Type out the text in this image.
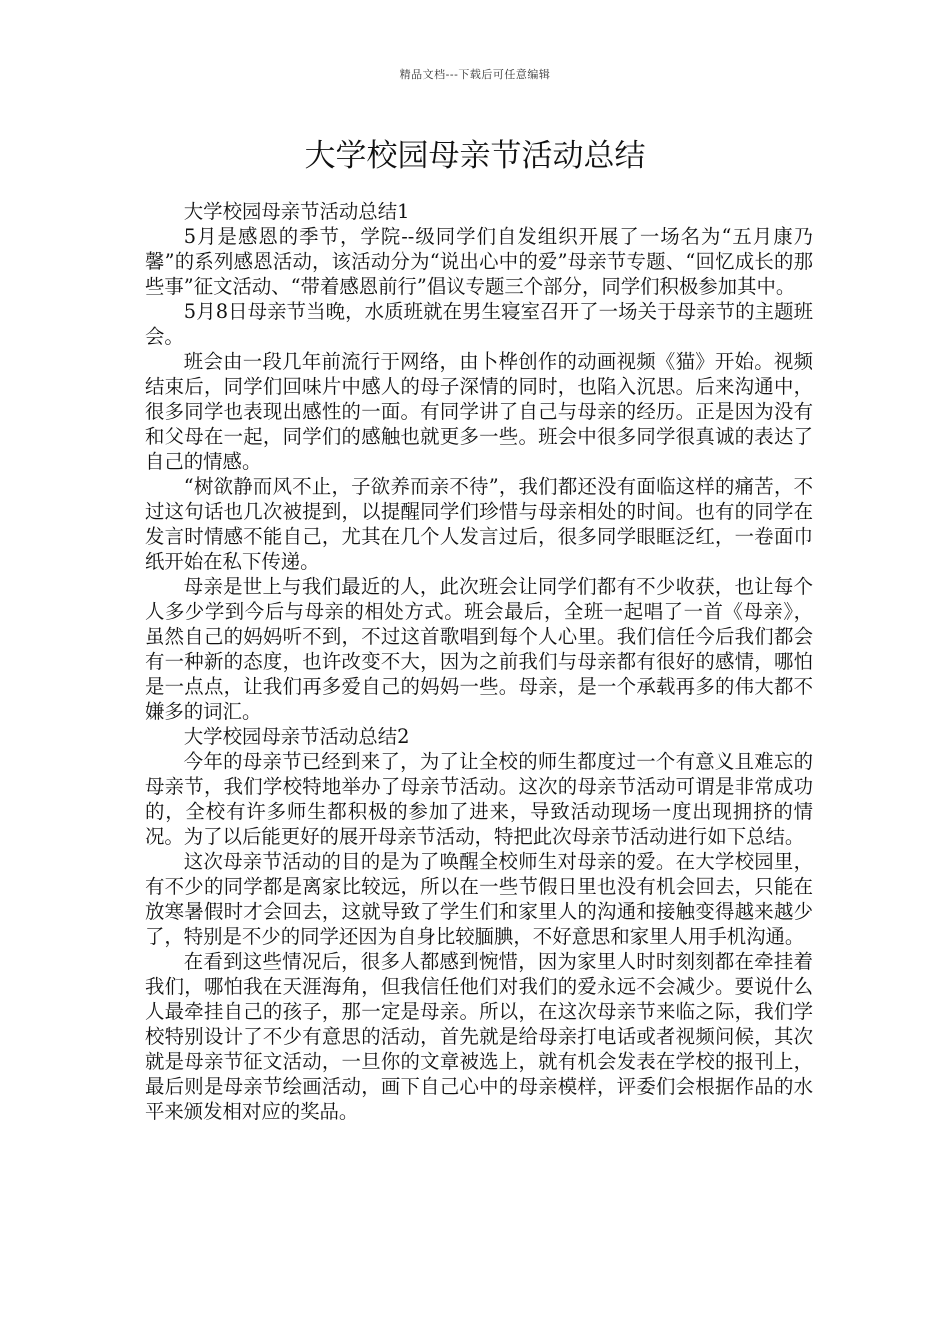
精品文档---下载后可任意编辑
大学校园母亲节活动总结

大学校园母亲节活动总结1

5月是感恩的季节，学院--级同学们自发组织开展了一场名为“五月康乃馨”的系列感恩活动，该活动分为“说出心中的爱”母亲节专题、“回忆成长的那些事”征文活动、“带着感恩前行”倡议专题三个部分，同学们积极参加其中。

5月8日母亲节当晚，水质班就在男生寝室召开了一场关于母亲节的主题班会。

班会由一段几年前流行于网络，由卜桦创作的动画视频《猫》开始。视频结束后，同学们回味片中感人的母子深情的同时，也陷入沉思。后来沟通中，很多同学也表现出感性的一面。有同学讲了自己与母亲的经历。正是因为没有和父母在一起，同学们的感触也就更多一些。班会中很多同学很真诚的表达了自己的情感。

“树欲静而风不止，子欲养而亲不待”，我们都还没有面临这样的痛苦，不过这句话也几次被提到，以提醒同学们珍惜与母亲相处的时间。也有的同学在发言时情感不能自己，尤其在几个人发言过后，很多同学眼眶泛红，一卷面巾纸开始在私下传递。

母亲是世上与我们最近的人，此次班会让同学们都有不少收获，也让每个人多少学到今后与母亲的相处方式。班会最后，全班一起唱了一首《母亲》，虽然自己的妈妈听不到，不过这首歌唱到每个人心里。我们信任今后我们都会有一种新的态度，也许改变不大，因为之前我们与母亲都有很好的感情，哪怕是一点点，让我们再多爱自己的妈妈一些。母亲，是一个承载再多的伟大都不嫌多的词汇。

大学校园母亲节活动总结2

今年的母亲节已经到来了，为了让全校的师生都度过一个有意义且难忘的母亲节，我们学校特地举办了母亲节活动。这次的母亲节活动可谓是非常成功的，全校有许多师生都积极的参加了进来，导致活动现场一度出现拥挤的情况。为了以后能更好的展开母亲节活动，特把此次母亲节活动进行如下总结。

这次母亲节活动的目的是为了唤醒全校师生对母亲的爱。在大学校园里，有不少的同学都是离家比较远，所以在一些节假日里也没有机会回去，只能在放寒暑假时才会回去，这就导致了学生们和家里人的沟通和接触变得越来越少了，特别是不少的同学还因为自身比较腼腆，不好意思和家里人用手机沟通。

在看到这些情况后，很多人都感到惋惜，因为家里人时时刻刻都在牵挂着我们，哪怕我在天涯海角，但我信任他们对我们的爱永远不会减少。要说什么人最牵挂自己的孩子，那一定是母亲。所以，在这次母亲节来临之际，我们学校特别设计了不少有意思的活动，首先就是给母亲打电话或者视频问候，其次就是母亲节征文活动，一旦你的文章被选上，就有机会发表在学校的报刊上，最后则是母亲节绘画活动，画下自己心中的母亲模样，评委们会根据作品的水平来颁发相对应的奖品。
